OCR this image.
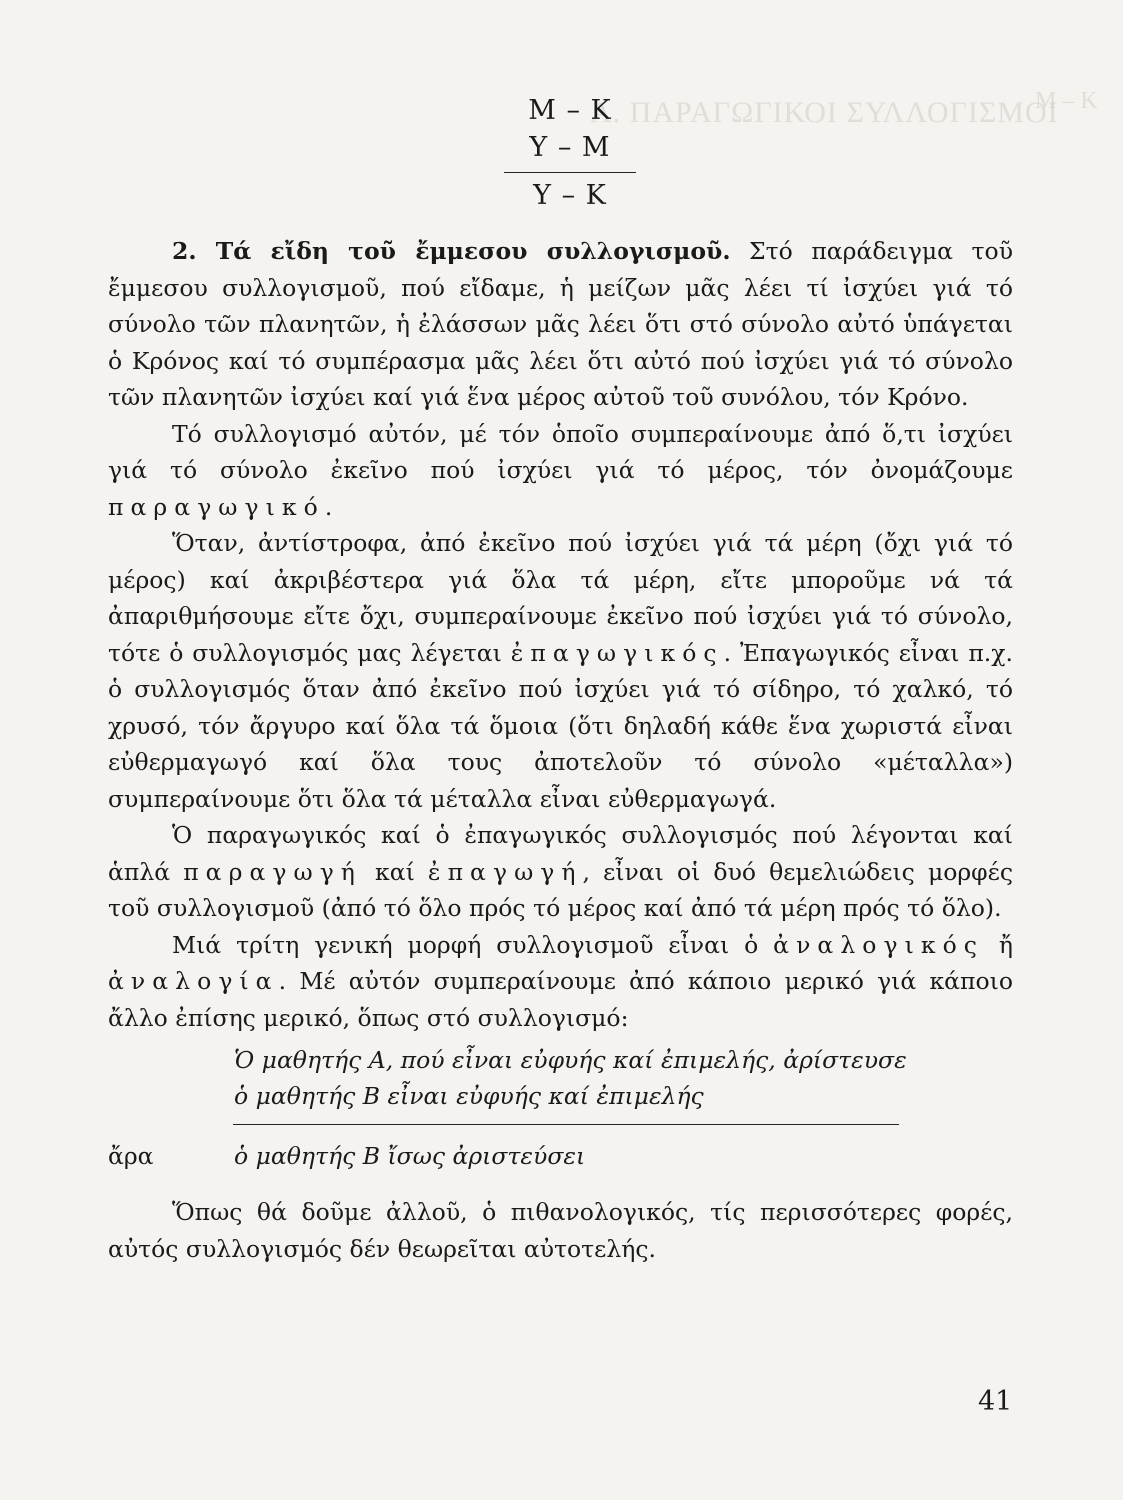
M – K
Α. ΠΑΡΑΓΩΓΙΚΟΙ ΣΥΛΛΟΓΙΣΜΟΙ
M – K
Y – M
Y – K

2. Τά εἴδη τοῦ ἔμμεσου συλλογισμοῦ. Στό παράδειγμα τοῦ ἔμμεσου συλλογισμοῦ, πού εἴδαμε, ἡ μείζων μᾶς λέει τί ἰσχύει γιά τό σύνολο τῶν πλανητῶν, ἡ ἐλάσσων μᾶς λέει ὅτι στό σύνολο αὐτό ὑπάγεται ὁ Κρόνος καί τό συμπέρασμα μᾶς λέει ὅτι αὐτό πού ἰσχύει γιά τό σύνολο τῶν πλανητῶν ἰσχύει καί γιά ἕνα μέρος αὐτοῦ τοῦ συνόλου, τόν Κρόνο.

Τό συλλογισμό αὐτόν, μέ τόν ὁποῖο συμπεραίνουμε ἀπό ὅ,τι ἰσχύει γιά τό σύνολο ἐκεῖνο πού ἰσχύει γιά τό μέρος, τόν ὀνομάζουμε παραγωγικό.

Ὅταν, ἀντίστροφα, ἀπό ἐκεῖνο πού ἰσχύει γιά τά μέρη (ὄχι γιά τό μέρος) καί ἀκριβέστερα γιά ὅλα τά μέρη, εἴτε μποροῦμε νά τά ἀπαριθμήσουμε εἴτε ὄχι, συμπεραίνουμε ἐκεῖνο πού ἰσχύει γιά τό σύνολο, τότε ὁ συλλογισμός μας λέγεται ἐπαγωγικός. Ἐπαγωγικός εἶναι π.χ. ὁ συλλογισμός ὅταν ἀπό ἐκεῖνο πού ἰσχύει γιά τό σίδηρο, τό χαλκό, τό χρυσό, τόν ἄργυρο καί ὅλα τά ὅμοια (ὅτι δηλαδή κάθε ἕνα χωριστά εἶναι εὐθερμαγωγό καί ὅλα τους ἀποτελοῦν τό σύνολο «μέταλλα») συμπεραίνουμε ὅτι ὅλα τά μέταλλα εἶναι εὐθερμαγωγά.

Ὁ παραγωγικός καί ὁ ἐπαγωγικός συλλογισμός πού λέγονται καί ἁπλά παραγωγή καί ἐπαγωγή, εἶναι οἱ δυό θεμελιώδεις μορφές τοῦ συλλογισμοῦ (ἀπό τό ὅλο πρός τό μέρος καί ἀπό τά μέρη πρός τό ὅλο).

Μιά τρίτη γενική μορφή συλλογισμοῦ εἶναι ὁ ἀναλογικός ἤ ἀναλογία. Μέ αὐτόν συμπεραίνουμε ἀπό κάποιο μερικό γιά κάποιο ἄλλο ἐπίσης μερικό, ὅπως στό συλλογισμό:

Ὁ μαθητής Α, πού εἶναι εὐφυής καί ἐπιμελής, ἀρίστευσε
ὁ μαθητής Β εἶναι εὐφυής καί ἐπιμελής
ἄρα	ὁ μαθητής Β ἴσως ἀριστεύσει

Ὅπως θά δοῦμε ἀλλοῦ, ὁ πιθανολογικός, τίς περισσότερες φορές, αὐτός συλλογισμός δέν θεωρεῖται αὐτοτελής.

41
